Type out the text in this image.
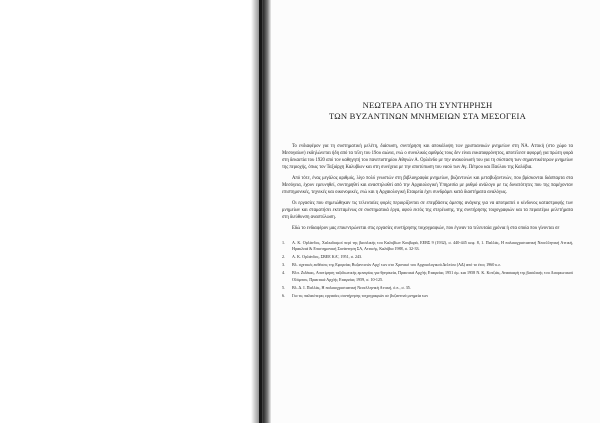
ΝΕΩΤΕΡΑ ΑΠΟ ΤΗ ΣΥΝΤΗΡΗΣΗ
ΤΩΝ ΒΥΖΑΝΤΙΝΩΝ ΜΝΗΜΕΙΩΝ ΣΤΑ ΜΕΣΟΓΕΙΑ

Το ενδιαφέρον για τη συστηματική μελέτη, διάσωση, συντήρηση και αποκάλυψη των χριστιανικών μνημείων στη ΝΑ. Αττική (στο χώρο τα Μεσογαίων) εκδηλώνεται ήδη από τα τέλη του 19ου αιώνα, ενώ ο συνολικός αριθμός τους δεν είναι ευκαταφρόνητος, αποτέλεσε αφορμή για πρώτη φορά στη δεκαετία του 1920 από τον καθηγητή του πανεπιστημίου Αθηνών Α. Ορλάνδο με την ανακοίνωσή του για τη σύσταση των σημαντικότερων μνημείων της περιοχής, όπως τον Ταξιάρχη Καλυβίων και στη συνέχεια με την αποτύπωση του ναού των Αγ. Πέτρου και Παύλου της Καλύβια.

Από τότε, ένας μεγάλος αριθμός, λίγο πολύ γνωστών στη βιβλιογραφία μνημείων, βυζαντινών και μεταβυζαντινών, που βρίσκονται διάσπαρτα στα Μεσόγεια, έχουν ερευνηθεί, συντηρηθεί και αναστηλωθεί από την Αρχαιολογική Υπηρεσία με ρυθμό ανάλογο με τις δυνατότητες που της παρέχονταν επιστημονικές, τεχνικές και οικονομικές, ενώ και η Αρχαιολογική Εταιρεία έχει συνδράμει κατά διαστήματα αναλόγως.

Οι εργασίες που σημειώθηκαν τις τελευταίες φορές περιορίζονται σε επεμβάσεις άμεσης ανάγκης για να αποτραπεί ο κίνδυνος καταστροφής των μνημείων και σταματήσει εκτεταμένως σε συστηματικά έργα, αφού εκτός της στερέωσης, της συντήρησης τοιχογραφιών και τα περαιτέρω μελετήματα στη διεύθυνση αναστύλωση.

Εδώ το ενδιαφέρον μας επικεντρώνεται στις εργασίες συντήρησης τοιχογραφιών, που έγιναν τα τελευταία χρόνια ή στα οποία που γίνονται σε

1. Α. Κ. Ορλάνδος, Χαλκιδισμοί περί της βασιλικής του Καλυβίων Κουβαρά, ΕΕΒΣ 9 (1932), σ. 440-445 κεφ. 8, 1. Παλλάς, Η παλαιοχριστιανική Νεοελληνική Αττική, Ηρακλειά & Επιστημονική Συνάντηση ΣΑ, Αττικής, Καλύβια 1988, σ. 32-33.
2. Α. Κ. Ορλάνδος, ΣΒΕΕ ΚΑ', 1951, σ. 243.
3. Βλ. σχετικές εκθέσεις της Εφορείας Βυζαντινών Αρχ/ των στο Χρονικό του Αρχαιολογικού Δελτίου (ΑΔ) από το έτος 1960 κ.ε.
4. Βλπ. Ζιδέκας, Αποτίμηση ταξιδιωτικής εμπειρίας για θρησκεία, Πρακτικά Αρχ/ής Εταιρείας 1951 όμ. και 1958 Ν. Κ. Κοτζιάς, Ανασκαφή της βασιλικής του Λαυρεωτικού Ολύμπου, Πρακτικά Αρχ/ής Εταιρείας 1959, σ. 10-125.
5. Βλ. Δ. Ι. Παλλάς, Η παλαιοχριστιανική Νεοελληνική Αττική, ό.π., σ. 35.
6. Για τις παλαιότερες εργασίες συντήρησης τοιχογραφιών σε βυζαντινά μνημεία των
